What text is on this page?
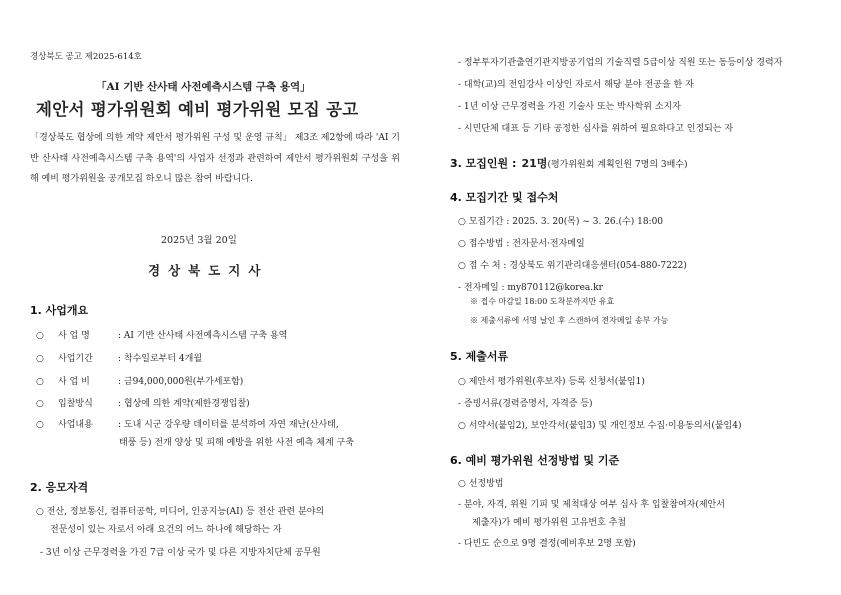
경상북도 공고 제2025-614호
「AI 기반 산사태 사전예측시스템 구축 용역」
제안서 평가위원회 예비 평가위원 모집 공고
「경상북도 협상에 의한 계약 제안서 평가위원 구성 및 운영 규칙」 제3조 제2항에 따라 'AI 기반 산사태 사전예측시스템 구축 용역'의 사업자 선정과 관련하여 제안서 평가위원회 구성을 위해 예비 평가위원을 공개모집 하오니 많은 참여 바랍니다.
2025년 3월 20일
경상북도지사
1. 사업개요
○ 사 업 명	: AI 기반 산사태 사전예측시스템 구축 용역
○ 사업기간	: 착수일로부터 4개월
○ 사 업 비	: 금94,000,000원(부가세포함)
○ 입찰방식	: 협상에 의한 계약(제한경쟁입찰)
○ 사업내용	: 도내 시군 강우량 데이터를 분석하여 자연 재난(산사태,
태풍 등) 전개 양상 및 피해 예방을 위한 사전 예측 체계 구축
2. 응모자격
○ 전산, 정보통신, 컴퓨터공학, 미디어, 인공지능(AI) 등 전산 관련 분야의
전문성이 있는 자로서 아래 요건의 어느 하나에 해당하는 자
- 3년 이상 근무경력을 가진 7급 이상 국가 및 다른 지방자치단체 공무원
- 정부투자기관출연기관지방공기업의 기술직렬 5급이상 직원 또는 동등이상 경력자
- 대학(교)의 전임강사 이상인 자로서 해당 분야 전공을 한 자
- 1년 이상 근무경력을 가진 기술사 또는 박사학위 소지자
- 시민단체 대표 등 기타 공정한 심사를 위하여 필요하다고 인정되는 자
3. 모집인원 : 21명(평가위원회 계획인원 7명의 3배수)
4. 모집기간 및 접수처
○ 모집기간 : 2025. 3. 20(목) ~ 3. 26.(수) 18:00
○ 접수방법 : 전자문서·전자메일
○ 접 수 처 : 경상북도 위기관리대응센터(054-880-7222)
- 전자메일 : my870112@korea.kr
※ 접수 마감일 18:00 도착분까지만 유효
※ 제출서류에 서명 날인 후 스캔하여 전자메일 송부 가능
5. 제출서류
○ 제안서 평가위원(후보자) 등록 신청서(붙임1)
- 증빙서류(경력증명서, 자격증 등)
○ 서약서(붙임2), 보안각서(붙임3) 및 개인정보 수집·이용동의서(붙임4)
6. 예비 평가위원 선정방법 및 기준
○ 선정방법
- 분야, 자격, 위원 기피 및 제척대상 여부 심사 후 입찰참여자(제안서
제출자)가 예비 평가위원 고유번호 추첨
- 다빈도 순으로 9명 결정(예비후보 2명 포함)
